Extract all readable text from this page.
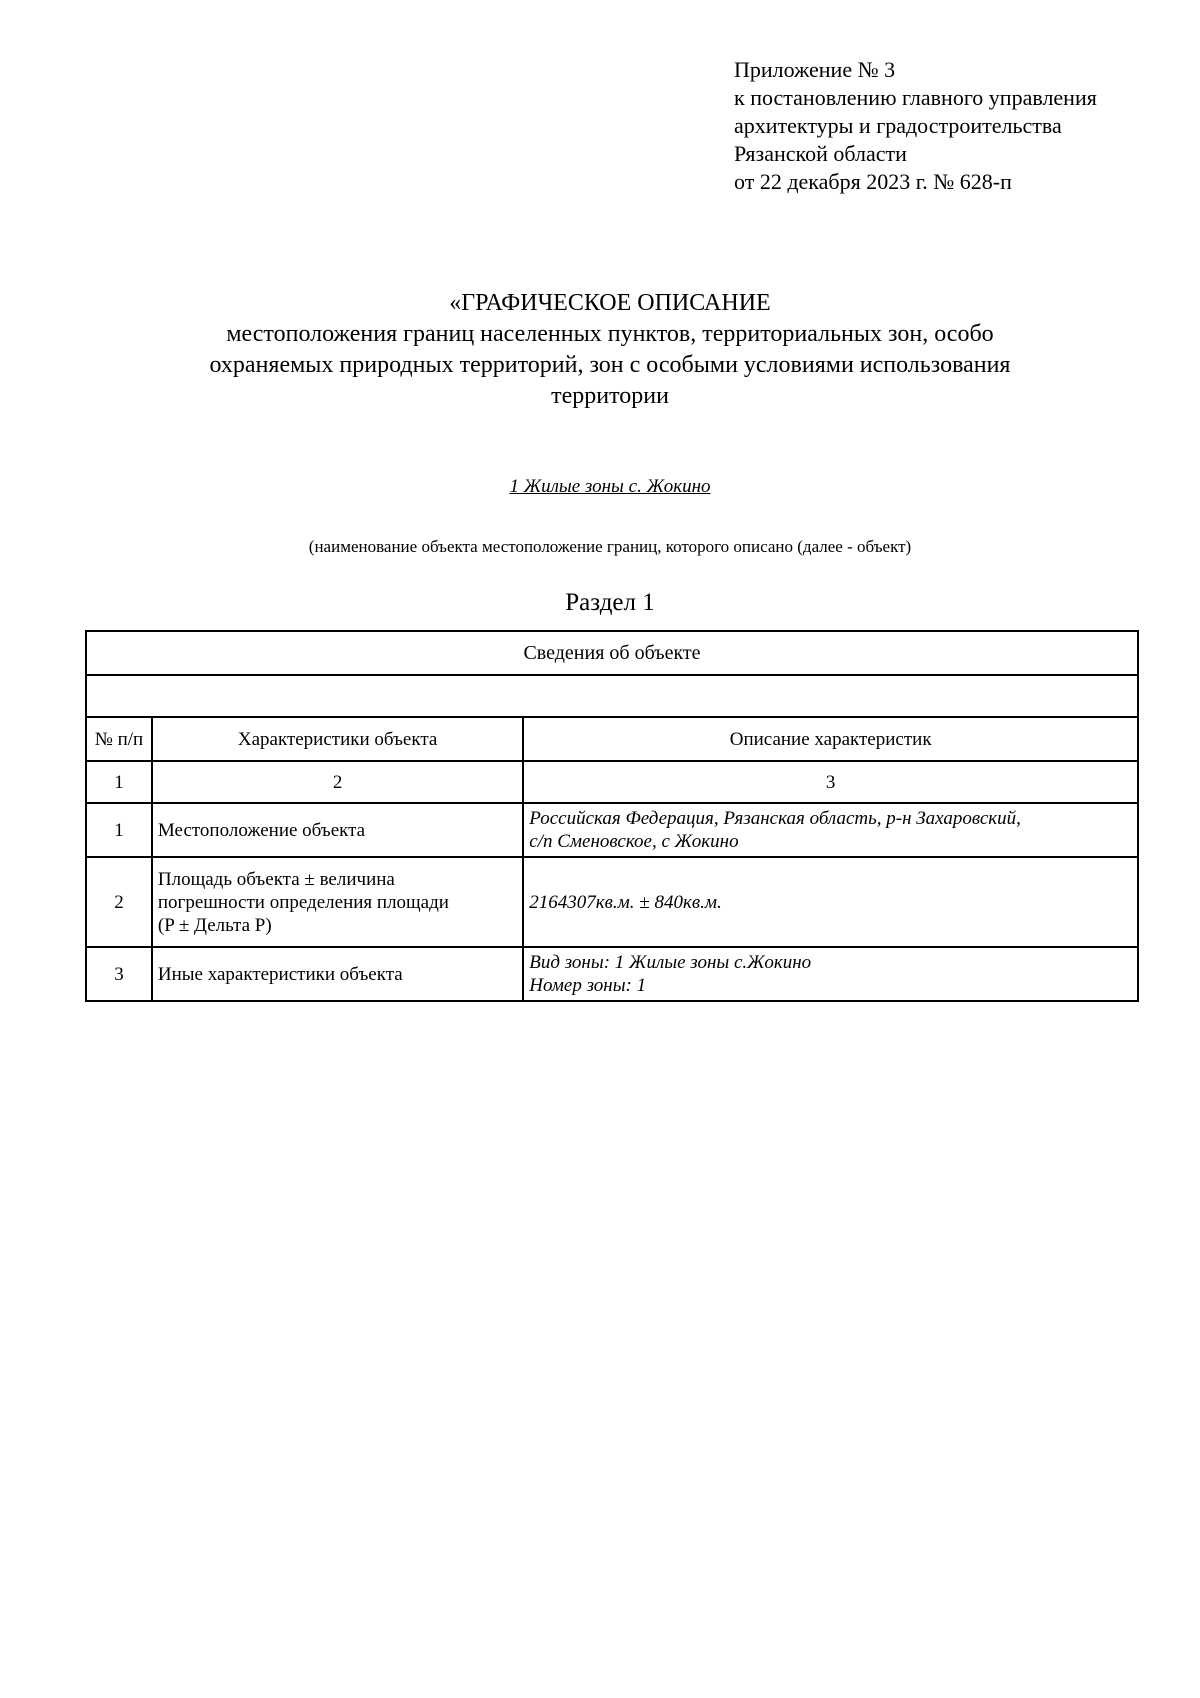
Приложение № 3
к постановлению главного управления
архитектуры и градостроительства
Рязанской области
от 22 декабря 2023 г. № 628-п
«ГРАФИЧЕСКОЕ ОПИСАНИЕ
местоположения границ населенных пунктов, территориальных зон, особо
охраняемых природных территорий, зон с особыми условиями использования
территории
1 Жилые зоны с. Жокино
(наименование объекта местоположение границ, которого описано (далее - объект)
Раздел 1
Сведения об объекте		

№ п/п	Характеристики объекта	Описание характеристик
1	2	3
1	Местоположение объекта	Российская Федерация, Рязанская область, р-н Захаровский,
с/п Сменовское, с Жокино

2	Площадь объекта ± величина
погрешности определения площади
(P ± Дельта P)	2164307кв.м. ± 840кв.м.

3	Иные характеристики объекта	Вид зоны: 1 Жилые зоны с.Жокино
Номер зоны: 1
